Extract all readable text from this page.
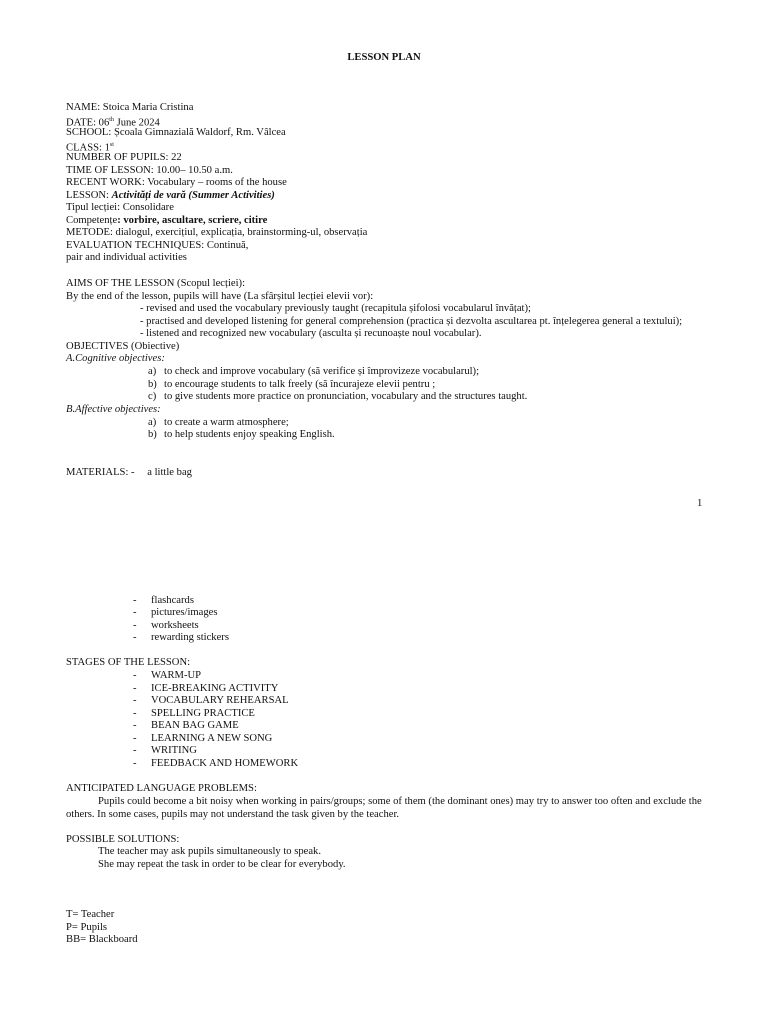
LESSON PLAN
NAME: Stoica Maria Cristina
DATE: 06th June 2024
SCHOOL: Școala Gimnazială Waldorf, Rm. Vâlcea
CLASS: 1st
NUMBER OF PUPILS: 22
TIME OF LESSON: 10.00– 10.50 a.m.
RECENT WORK: Vocabulary – rooms of the house
LESSON: Activități de vară (Summer Activities)
Tipul lecției: Consolidare
Competențe: vorbire, ascultare, scriere, citire
METODE: dialogul, exercițiul, explicația, brainstorming-ul, observația
EVALUATION TECHNIQUES: Continuă,
pair and individual activities
AIMS OF THE LESSON (Scopul lecției):
By the end of the lesson, pupils will have (La sfârșitul lecției elevii vor):
- revised and used the vocabulary previously taught (recapitula șifolosi vocabularul învățat);
- practised and developed listening for general comprehension (practica și dezvolta ascultarea pt. înțelegerea general a textului);
- listened and recognized new vocabulary (asculta și recunoaște noul vocabular).
OBJECTIVES (Obiective)
A.Cognitive objectives:
a) to check and improve vocabulary (să verifice și împrovizeze vocabularul);
b) to encourage students to talk freely (să încurajeze elevii pentru ;
c) to give students more practice on pronunciation, vocabulary and the structures taught.
B.Affective objectives:
a) to create a warm atmosphere;
b) to help students enjoy speaking English.
MATERIALS: - a little bag
1
- flashcards
- pictures/images
- worksheets
- rewarding stickers
STAGES OF THE LESSON:
- WARM-UP
- ICE-BREAKING ACTIVITY
- VOCABULARY REHEARSAL
- SPELLING PRACTICE
- BEAN BAG GAME
- LEARNING A NEW SONG
- WRITING
- FEEDBACK AND HOMEWORK
ANTICIPATED LANGUAGE PROBLEMS:
Pupils could become a bit noisy when working in pairs/groups; some of them (the dominant ones) may try to answer too often and exclude the others. In some cases, pupils may not understand the task given by the teacher.
POSSIBLE SOLUTIONS:
The teacher may ask pupils simultaneously to speak.
She may repeat the task in order to be clear for everybody.
T= Teacher
P= Pupils
BB= Blackboard
